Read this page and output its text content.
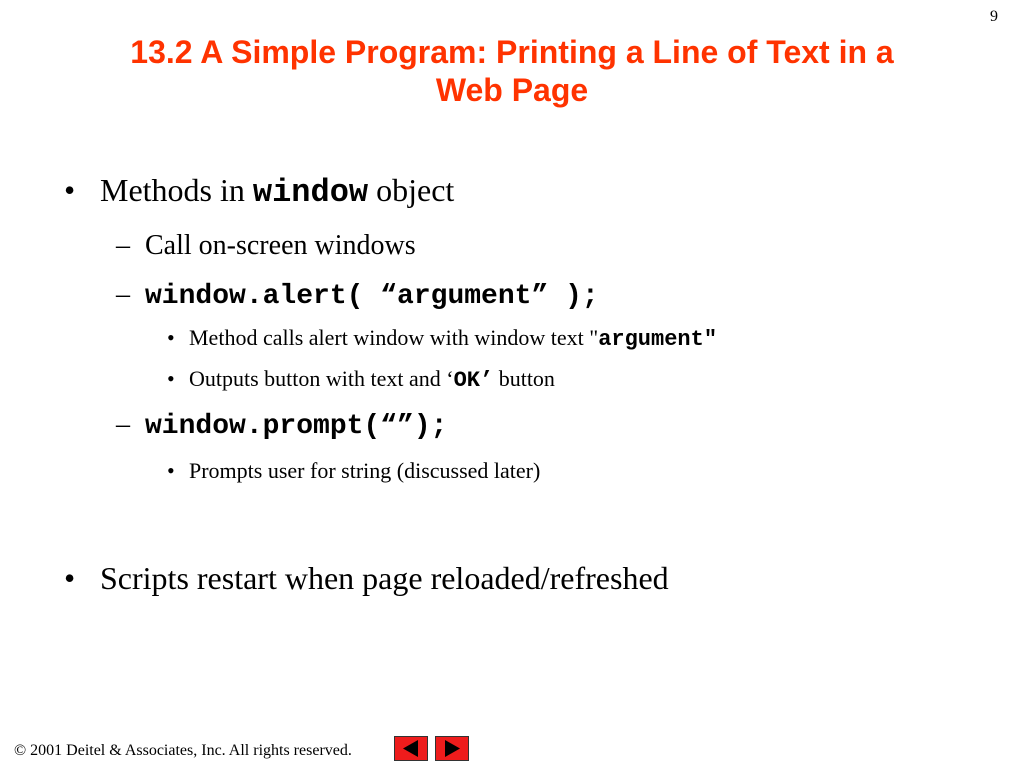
9
13.2 A Simple Program: Printing a Line of Text in a
Web Page
• Methods in window object
– Call on-screen windows
– window.alert( “argument” );
• Method calls alert window with window text "argument"
• Outputs button with text and ‘OK’ button
– window.prompt(“”);
• Prompts user for string (discussed later)
• Scripts restart when page reloaded/refreshed
© 2001 Deitel & Associates, Inc. All rights reserved.
